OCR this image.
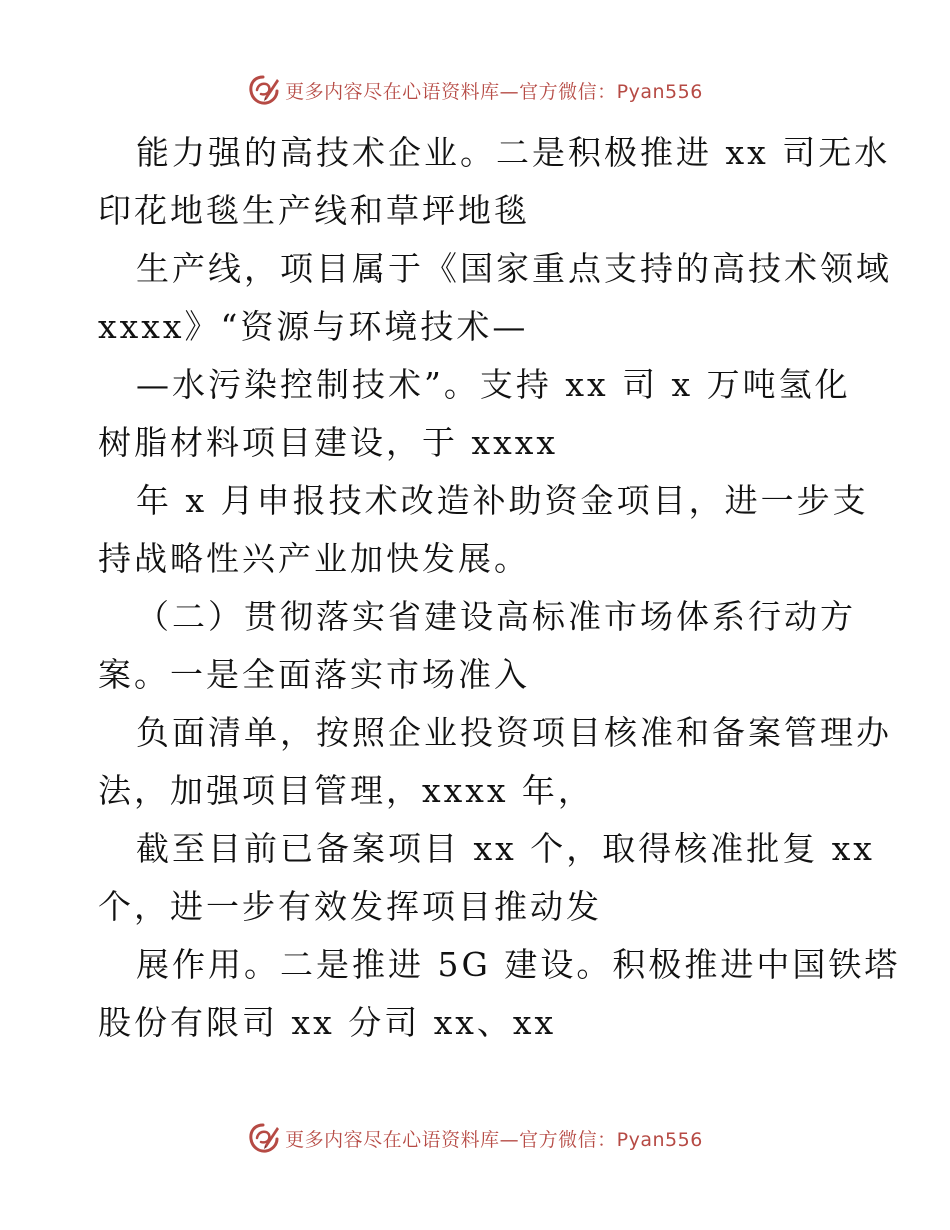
更多内容尽在心语资料库—官方微信：Pyan556
能力强的高技术企业。二是积极推进 xx 司无水
印花地毯生产线和草坪地毯
生产线，项目属于《国家重点支持的高技术领域
xxxx》“资源与环境技术—
—水污染控制技术”。支持 xx 司 x 万吨氢化
树脂材料项目建设，于 xxxx
年 x 月申报技术改造补助资金项目，进一步支
持战略性兴产业加快发展。
（二）贯彻落实省建设高标准市场体系行动方
案。一是全面落实市场准入
负面清单，按照企业投资项目核准和备案管理办
法，加强项目管理，xxxx 年，
截至目前已备案项目 xx 个，取得核准批复 xx
个，进一步有效发挥项目推动发
展作用。二是推进 5G 建设。积极推进中国铁塔
股份有限司 xx 分司 xx、xx
更多内容尽在心语资料库—官方微信：Pyan556
